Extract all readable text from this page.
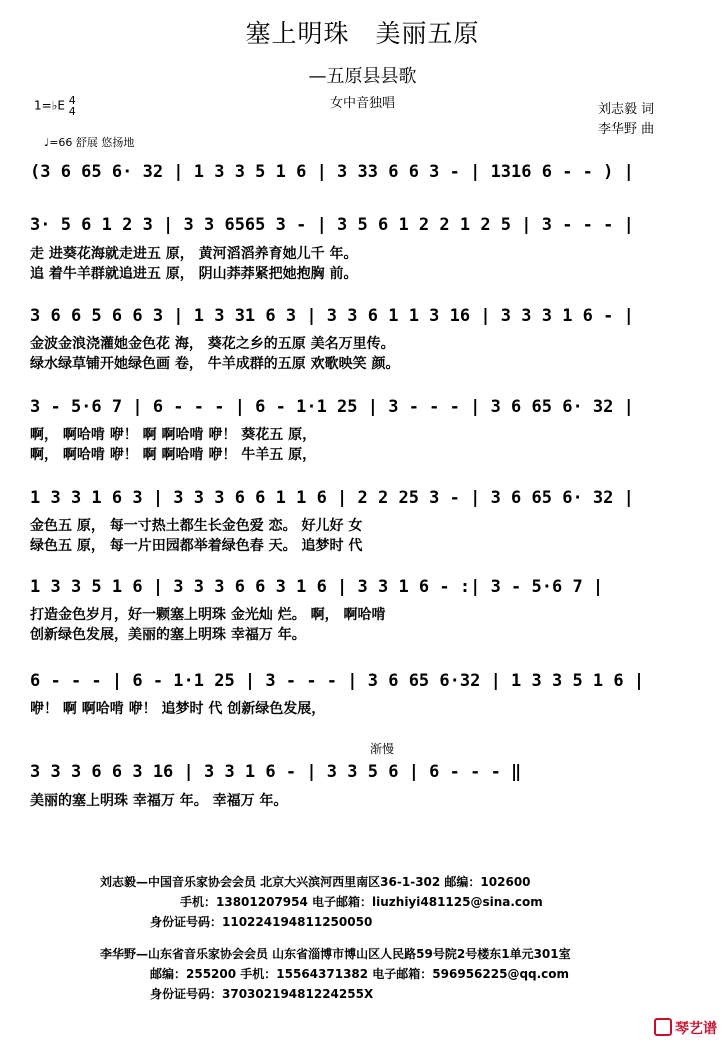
塞上明珠　美丽五原
—五原县县歌
女中音独唱	刘志毅 词
李华野 曲
1=♭E 4
4
♩=66 舒展 悠扬地
(3 6 65 6· 32 | 1 3 3 5 1 6 | 3 33 6 6 3 - | 1316 6 - - ) |
3· 5 6 1 2 3 | 3 3 6565 3 - | 3 5 6 1 2 2 1 2 5 | 3 - - - |
走 进葵花海就走进五 原， 黄河滔滔养育她儿千 年。
追 着牛羊群就追进五 原， 阴山莽莽紧把她抱胸 前。
3 6 6 5 6 6 3 | 1 3 31 6 3 | 3 3 6 1 1 3 16 | 3 3 3 1 6 - |
金波金浪浇灌她金色花 海， 葵花之乡的五原 美名万里传。
绿水绿草铺开她绿色画 卷， 牛羊成群的五原 欢歌映笑 颜。
3 - 5·6 7 | 6 - - - | 6 - 1·1 25 | 3 - - - | 3 6 65 6· 32 |
啊， 啊哈啃 咿！ 啊 啊哈啃 咿！ 葵花五 原，
啊， 啊哈啃 咿！ 啊 啊哈啃 咿！ 牛羊五 原，
1 3 3 1 6 3 | 3 3 3 6 6 1 1 6 | 2 2 25 3 - | 3 6 65 6· 32 |
金色五 原， 每一寸热土都生长金色爱 恋。 好儿好 女
绿色五 原， 每一片田园都举着绿色春 天。 追梦时 代
1 3 3 5 1 6 | 3 3 3 6 6 3 1 6 | 3 3 1 6 - :| 3 - 5·6 7 |
打造金色岁月，好一颗塞上明珠 金光灿 烂。 啊， 啊哈啃
创新绿色发展，美丽的塞上明珠 幸福万 年。
6 - - - | 6 - 1·1 25 | 3 - - - | 3 6 65 6·32 | 1 3 3 5 1 6 |
咿！ 啊 啊哈啃 咿！ 追梦时 代 创新绿色发展，
渐慢
3 3 3 6 6 3 16 | 3 3 1 6 - | 3 3 5 6 | 6 - - - ‖
美丽的塞上明珠 幸福万 年。 幸福万 年。
刘志毅—中国音乐家协会会员 北京大兴滨河西里南区36-1-302 邮编：102600
手机：13801207954 电子邮箱：liuzhiyi481125@sina.com
身份证号码：110224194811250050
李华野—山东省音乐家协会会员 山东省淄博市博山区人民路59号院2号楼东1单元301室
邮编：255200 手机：15564371382 电子邮箱：596956225@qq.com
身份证号码：37030219481224255X
琴艺谱
